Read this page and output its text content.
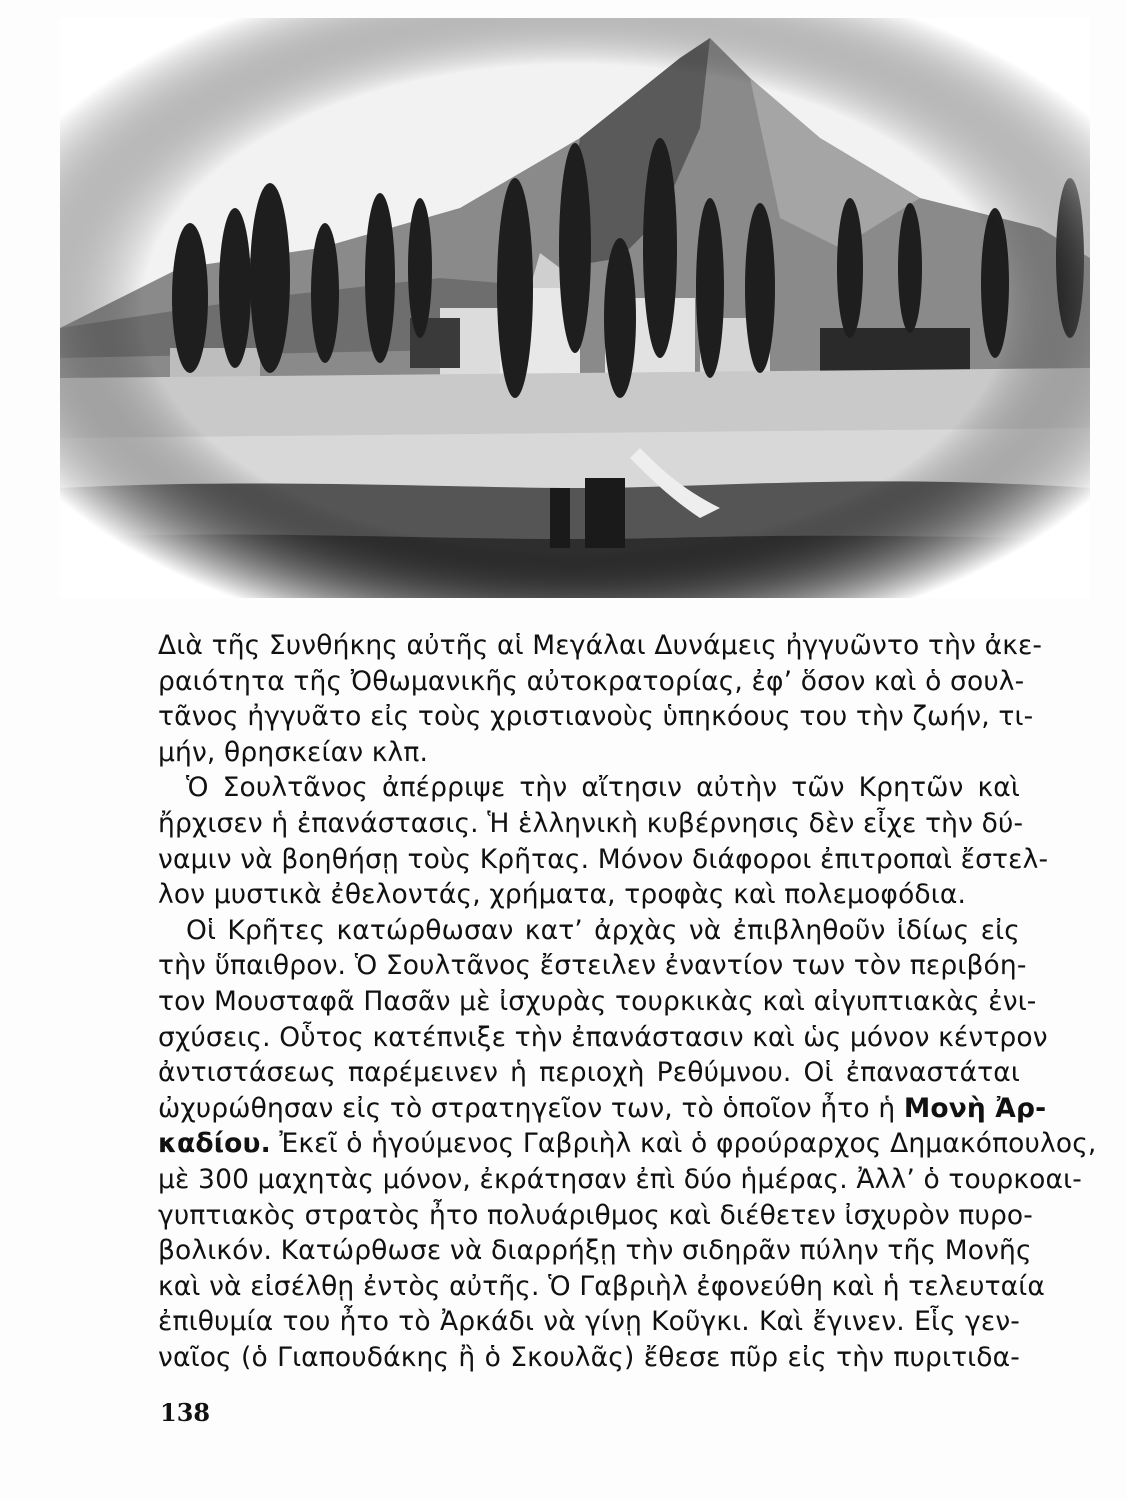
Διὰ τῆς Συνθήκης αὐτῆς αἱ Μεγάλαι Δυνάμεις ἠγγυῶντο τὴν ἀκε-
ραιότητα τῆς Ὀθωμανικῆς αὐτοκρατορίας, ἐφ’ ὅσον καὶ ὁ σουλ-
τᾶνος ἠγγυᾶτο εἰς τοὺς χριστιανοὺς ὑπηκόους του τὴν ζωήν, τι-
μήν, θρησκείαν κλπ.
Ὁ Σουλτᾶνος ἀπέρριψε τὴν αἴτησιν αὐτὴν τῶν Κρητῶν καὶ
ἤρχισεν ἡ ἐπανάστασις. Ἡ ἑλληνικὴ κυβέρνησις δὲν εἶχε τὴν δύ-
ναμιν νὰ βοηθήσῃ τοὺς Κρῆτας. Μόνον διάφοροι ἐπιτροπαὶ ἔστελ-
λον μυστικὰ ἐθελοντάς, χρήματα, τροφὰς καὶ πολεμοφόδια.
Οἱ Κρῆτες κατώρθωσαν κατ’ ἀρχὰς νὰ ἐπιβληθοῦν ἰδίως εἰς
τὴν ὕπαιθρον. Ὁ Σουλτᾶνος ἔστειλεν ἐναντίον των τὸν περιβόη-
τον Μουσταφᾶ Πασᾶν μὲ ἰσχυρὰς τουρκικὰς καὶ αἰγυπτιακὰς ἐνι-
σχύσεις. Οὗτος κατέπνιξε τὴν ἐπανάστασιν καὶ ὡς μόνον κέντρον
ἀντιστάσεως παρέμεινεν ἡ περιοχὴ Ρεθύμνου. Οἱ ἐπαναστάται
ὠχυρώθησαν εἰς τὸ στρατηγεῖον των, τὸ ὁποῖον ἦτο ἡ Μονὴ Ἀρ-
καδίου. Ἐκεῖ ὁ ἡγούμενος Γαβριὴλ καὶ ὁ φρούραρχος Δημακόπουλος,
μὲ 300 μαχητὰς μόνον, ἐκράτησαν ἐπὶ δύο ἡμέρας. Ἀλλ’ ὁ τουρκοαι-
γυπτιακὸς στρατὸς ἦτο πολυάριθμος καὶ διέθετεν ἰσχυρὸν πυρο-
βολικόν. Κατώρθωσε νὰ διαρρήξῃ τὴν σιδηρᾶν πύλην τῆς Μονῆς
καὶ νὰ εἰσέλθῃ ἐντὸς αὐτῆς. Ὁ Γαβριὴλ ἐφονεύθη καὶ ἡ τελευταία
ἐπιθυμία του ἦτο τὸ Ἀρκάδι νὰ γίνῃ Κοῦγκι. Καὶ ἔγινεν. Εἷς γεν-
ναῖος (ὁ Γιαπουδάκης ἢ ὁ Σκουλᾶς) ἔθεσε πῦρ εἰς τὴν πυριτιδα-
138
